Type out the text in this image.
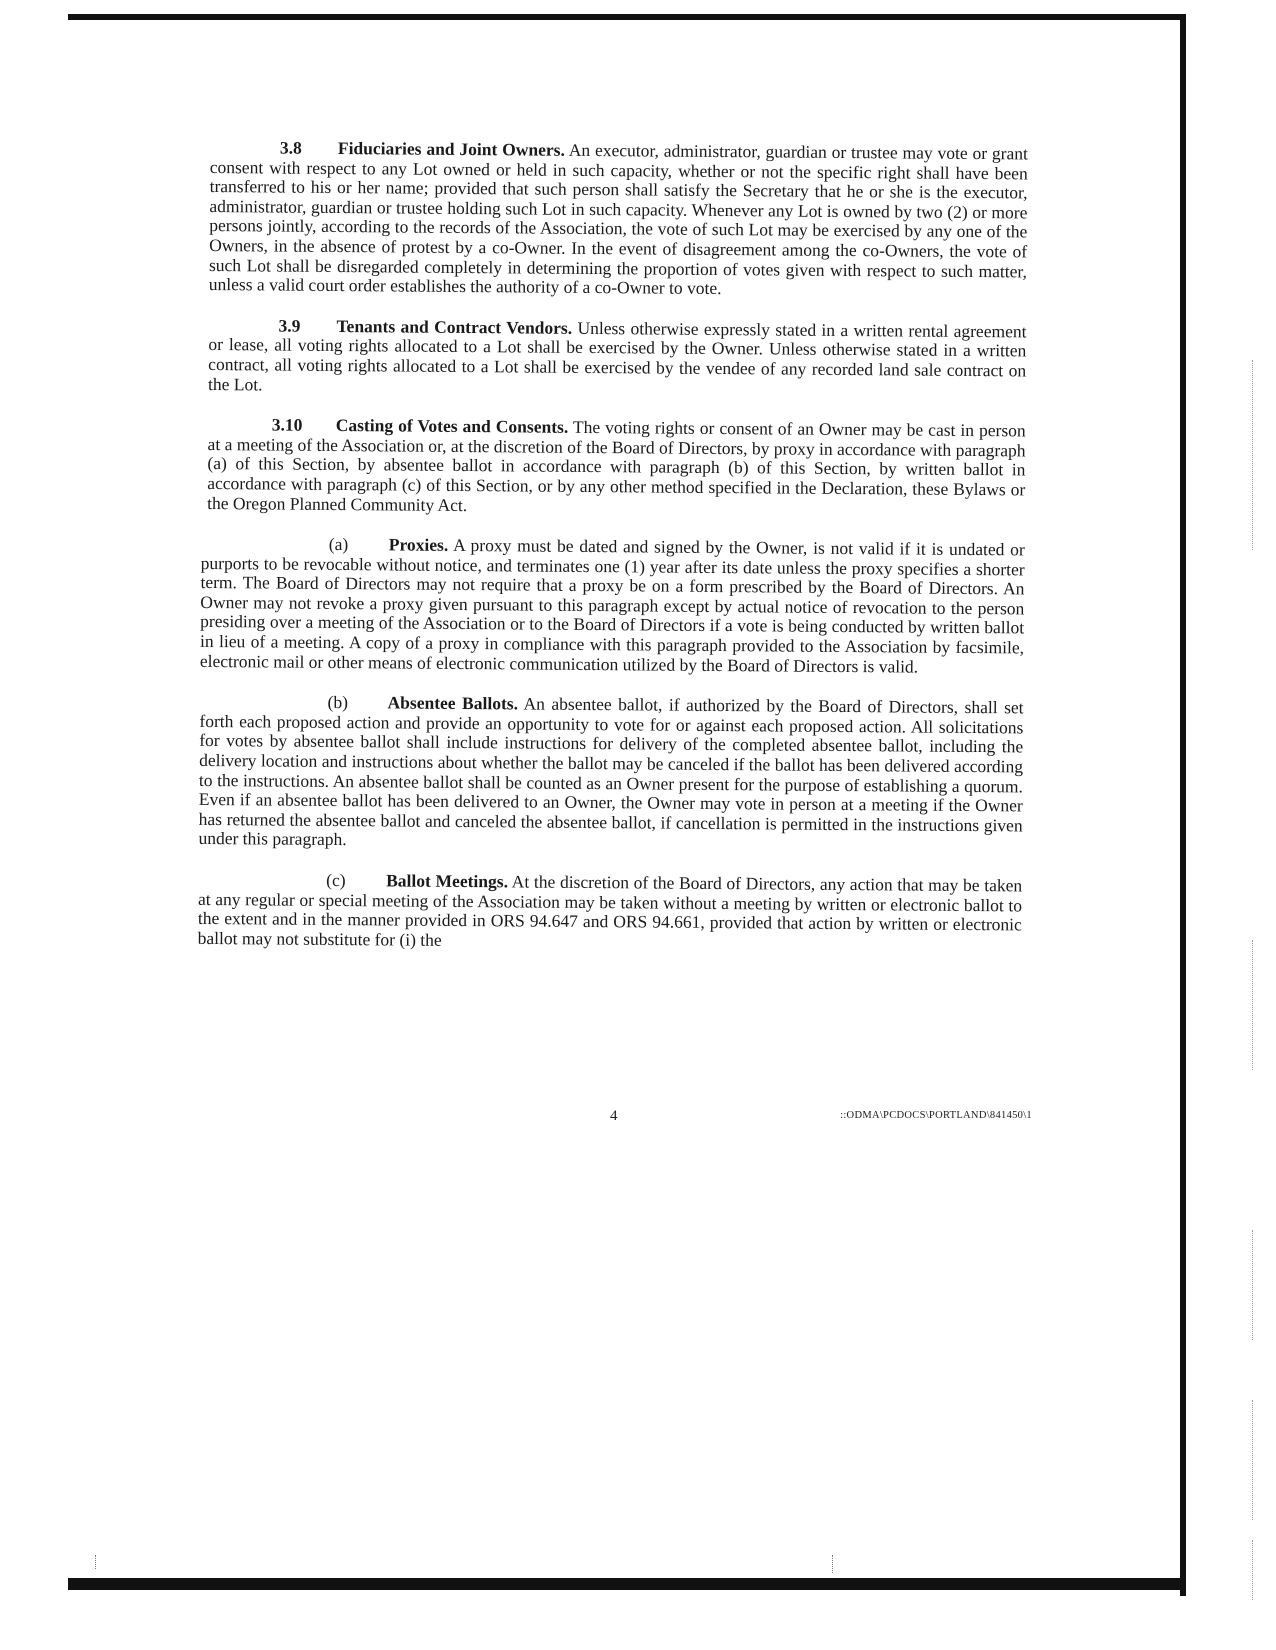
3.8 Fiduciaries and Joint Owners. An executor, administrator, guardian or trustee may vote or grant consent with respect to any Lot owned or held in such capacity, whether or not the specific right shall have been transferred to his or her name; provided that such person shall satisfy the Secretary that he or she is the executor, administrator, guardian or trustee holding such Lot in such capacity. Whenever any Lot is owned by two (2) or more persons jointly, according to the records of the Association, the vote of such Lot may be exercised by any one of the Owners, in the absence of protest by a co-Owner. In the event of disagreement among the co-Owners, the vote of such Lot shall be disregarded completely in determining the proportion of votes given with respect to such matter, unless a valid court order establishes the authority of a co-Owner to vote.

3.9 Tenants and Contract Vendors. Unless otherwise expressly stated in a written rental agreement or lease, all voting rights allocated to a Lot shall be exercised by the Owner. Unless otherwise stated in a written contract, all voting rights allocated to a Lot shall be exercised by the vendee of any recorded land sale contract on the Lot.

3.10 Casting of Votes and Consents. The voting rights or consent of an Owner may be cast in person at a meeting of the Association or, at the discretion of the Board of Directors, by proxy in accordance with paragraph (a) of this Section, by absentee ballot in accordance with paragraph (b) of this Section, by written ballot in accordance with paragraph (c) of this Section, or by any other method specified in the Declaration, these Bylaws or the Oregon Planned Community Act.

(a) Proxies. A proxy must be dated and signed by the Owner, is not valid if it is undated or purports to be revocable without notice, and terminates one (1) year after its date unless the proxy specifies a shorter term. The Board of Directors may not require that a proxy be on a form prescribed by the Board of Directors. An Owner may not revoke a proxy given pursuant to this paragraph except by actual notice of revocation to the person presiding over a meeting of the Association or to the Board of Directors if a vote is being conducted by written ballot in lieu of a meeting. A copy of a proxy in compliance with this paragraph provided to the Association by facsimile, electronic mail or other means of electronic communication utilized by the Board of Directors is valid.

(b) Absentee Ballots. An absentee ballot, if authorized by the Board of Directors, shall set forth each proposed action and provide an opportunity to vote for or against each proposed action. All solicitations for votes by absentee ballot shall include instructions for delivery of the completed absentee ballot, including the delivery location and instructions about whether the ballot may be canceled if the ballot has been delivered according to the instructions. An absentee ballot shall be counted as an Owner present for the purpose of establishing a quorum. Even if an absentee ballot has been delivered to an Owner, the Owner may vote in person at a meeting if the Owner has returned the absentee ballot and canceled the absentee ballot, if cancellation is permitted in the instructions given under this paragraph.

(c) Ballot Meetings. At the discretion of the Board of Directors, any action that may be taken at any regular or special meeting of the Association may be taken without a meeting by written or electronic ballot to the extent and in the manner provided in ORS 94.647 and ORS 94.661, provided that action by written or electronic ballot may not substitute for (i) the

4	::ODMA\PCDOCS\PORTLAND\841450\1
